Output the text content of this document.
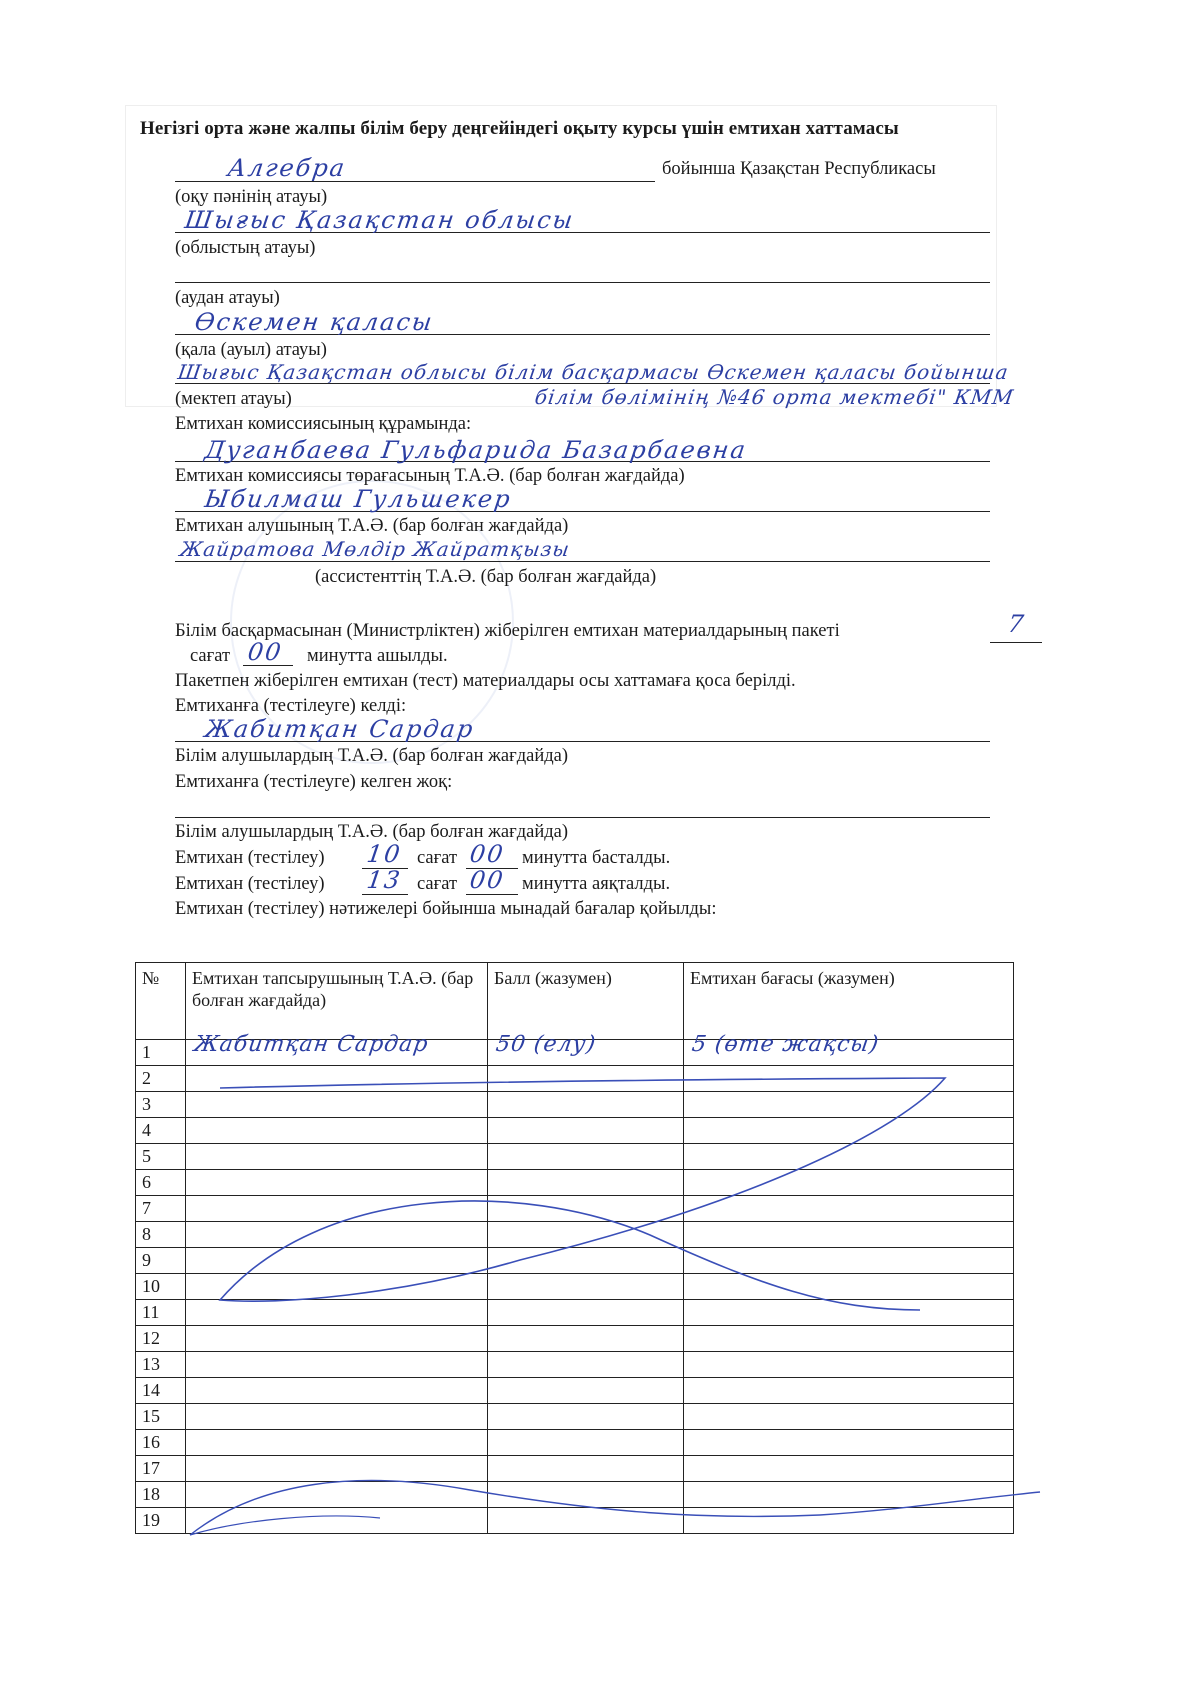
Негізгі орта және жалпы білім беру деңгейіндегі оқыту курсы үшін емтихан хаттамасы
Алгебра	бойынша Қазақстан Республикасы
(оқу пәнінің атауы)
Шығыс Қазақстан облысы
(облыстың атауы)
(аудан атауы)
Өскемен қаласы
(қала (ауыл) атауы)
Шығыс Қазақстан облысы білім басқармасы Өскемен қаласы бойынша
білім бөлімінің №46 орта мектебі" КММ
(мектеп атауы)
Емтихан комиссиясының құрамында:
Дуганбаева Гульфарида Базарбаевна
Емтихан комиссиясы төрағасының Т.А.Ә. (бар болған жағдайда)
Ыбилмаш Гульшекер
Емтихан алушының Т.А.Ә. (бар болған жағдайда)
Жайратова Мөлдір Жайратқызы
(ассистенттің Т.А.Ә. (бар болған жағдайда)
Білім басқармасынан (Министрліктен) жіберілген емтихан материалдарының пакеті	7
сағат 00 минутта ашылды.
Пакетпен жіберілген емтихан (тест) материалдары осы хаттамаға қоса берілді.
Емтиханға (тестілеуге) келді:
Жабитқан Сардар
Білім алушылардың Т.А.Ә. (бар болған жағдайда)
Емтиханға (тестілеуге) келген жоқ:
Білім алушылардың Т.А.Ә. (бар болған жағдайда)
Емтихан (тестілеу) 10 сағат 00 минутта басталды.
Емтихан (тестілеу) 13 сағат 00 минутта аяқталды.
Емтихан (тестілеу) нәтижелері бойынша мынадай бағалар қойылды:
№	Емтихан тапсырушының Т.А.Ә. (бар болған жағдайда)	Балл (жазумен)	Емтихан бағасы (жазумен)
1	Жабитқан Сардар	50 (елу)	5 (өте жақсы)

2	

3	

4	

5	

6	

7	

8	

9	

10	

11	

12	

13	

14	

15	

16	

17	

18	

19	
